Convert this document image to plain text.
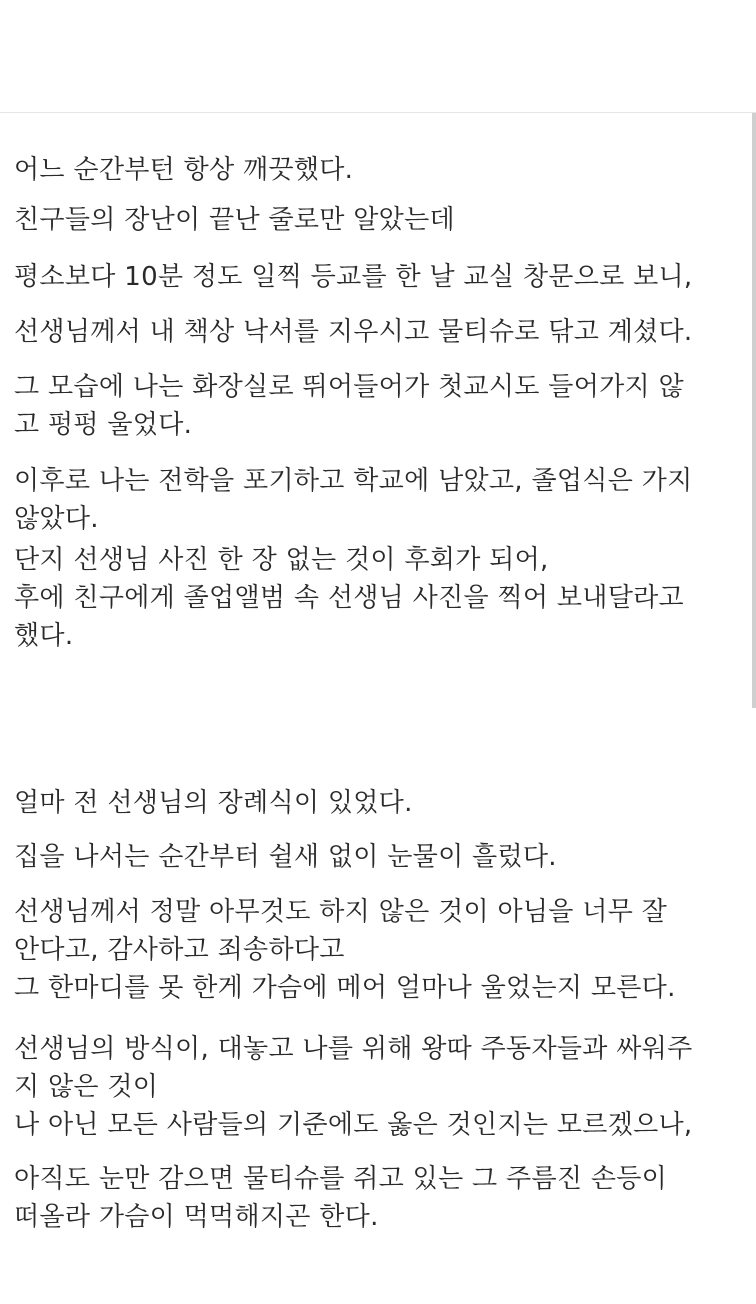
어느 순간부턴 항상 깨끗했다.
친구들의 장난이 끝난 줄로만 알았는데
평소보다 10분 정도 일찍 등교를 한 날 교실 창문으로 보니,
선생님께서 내 책상 낙서를 지우시고 물티슈로 닦고 계셨다.
그 모습에 나는 화장실로 뛰어들어가 첫교시도 들어가지 않
고 펑펑 울었다.
이후로 나는 전학을 포기하고 학교에 남았고, 졸업식은 가지
않았다.
단지 선생님 사진 한 장 없는 것이 후회가 되어,
후에 친구에게 졸업앨범 속 선생님 사진을 찍어 보내달라고
했다.
얼마 전 선생님의 장례식이 있었다.
집을 나서는 순간부터 쉴새 없이 눈물이 흘렀다.
선생님께서 정말 아무것도 하지 않은 것이 아님을 너무 잘
안다고, 감사하고 죄송하다고
그 한마디를 못 한게 가슴에 메어 얼마나 울었는지 모른다.
선생님의 방식이, 대놓고 나를 위해 왕따 주동자들과 싸워주
지 않은 것이
나 아닌 모든 사람들의 기준에도 옳은 것인지는 모르겠으나,
아직도 눈만 감으면 물티슈를 쥐고 있는 그 주름진 손등이
떠올라 가슴이 먹먹해지곤 한다.
